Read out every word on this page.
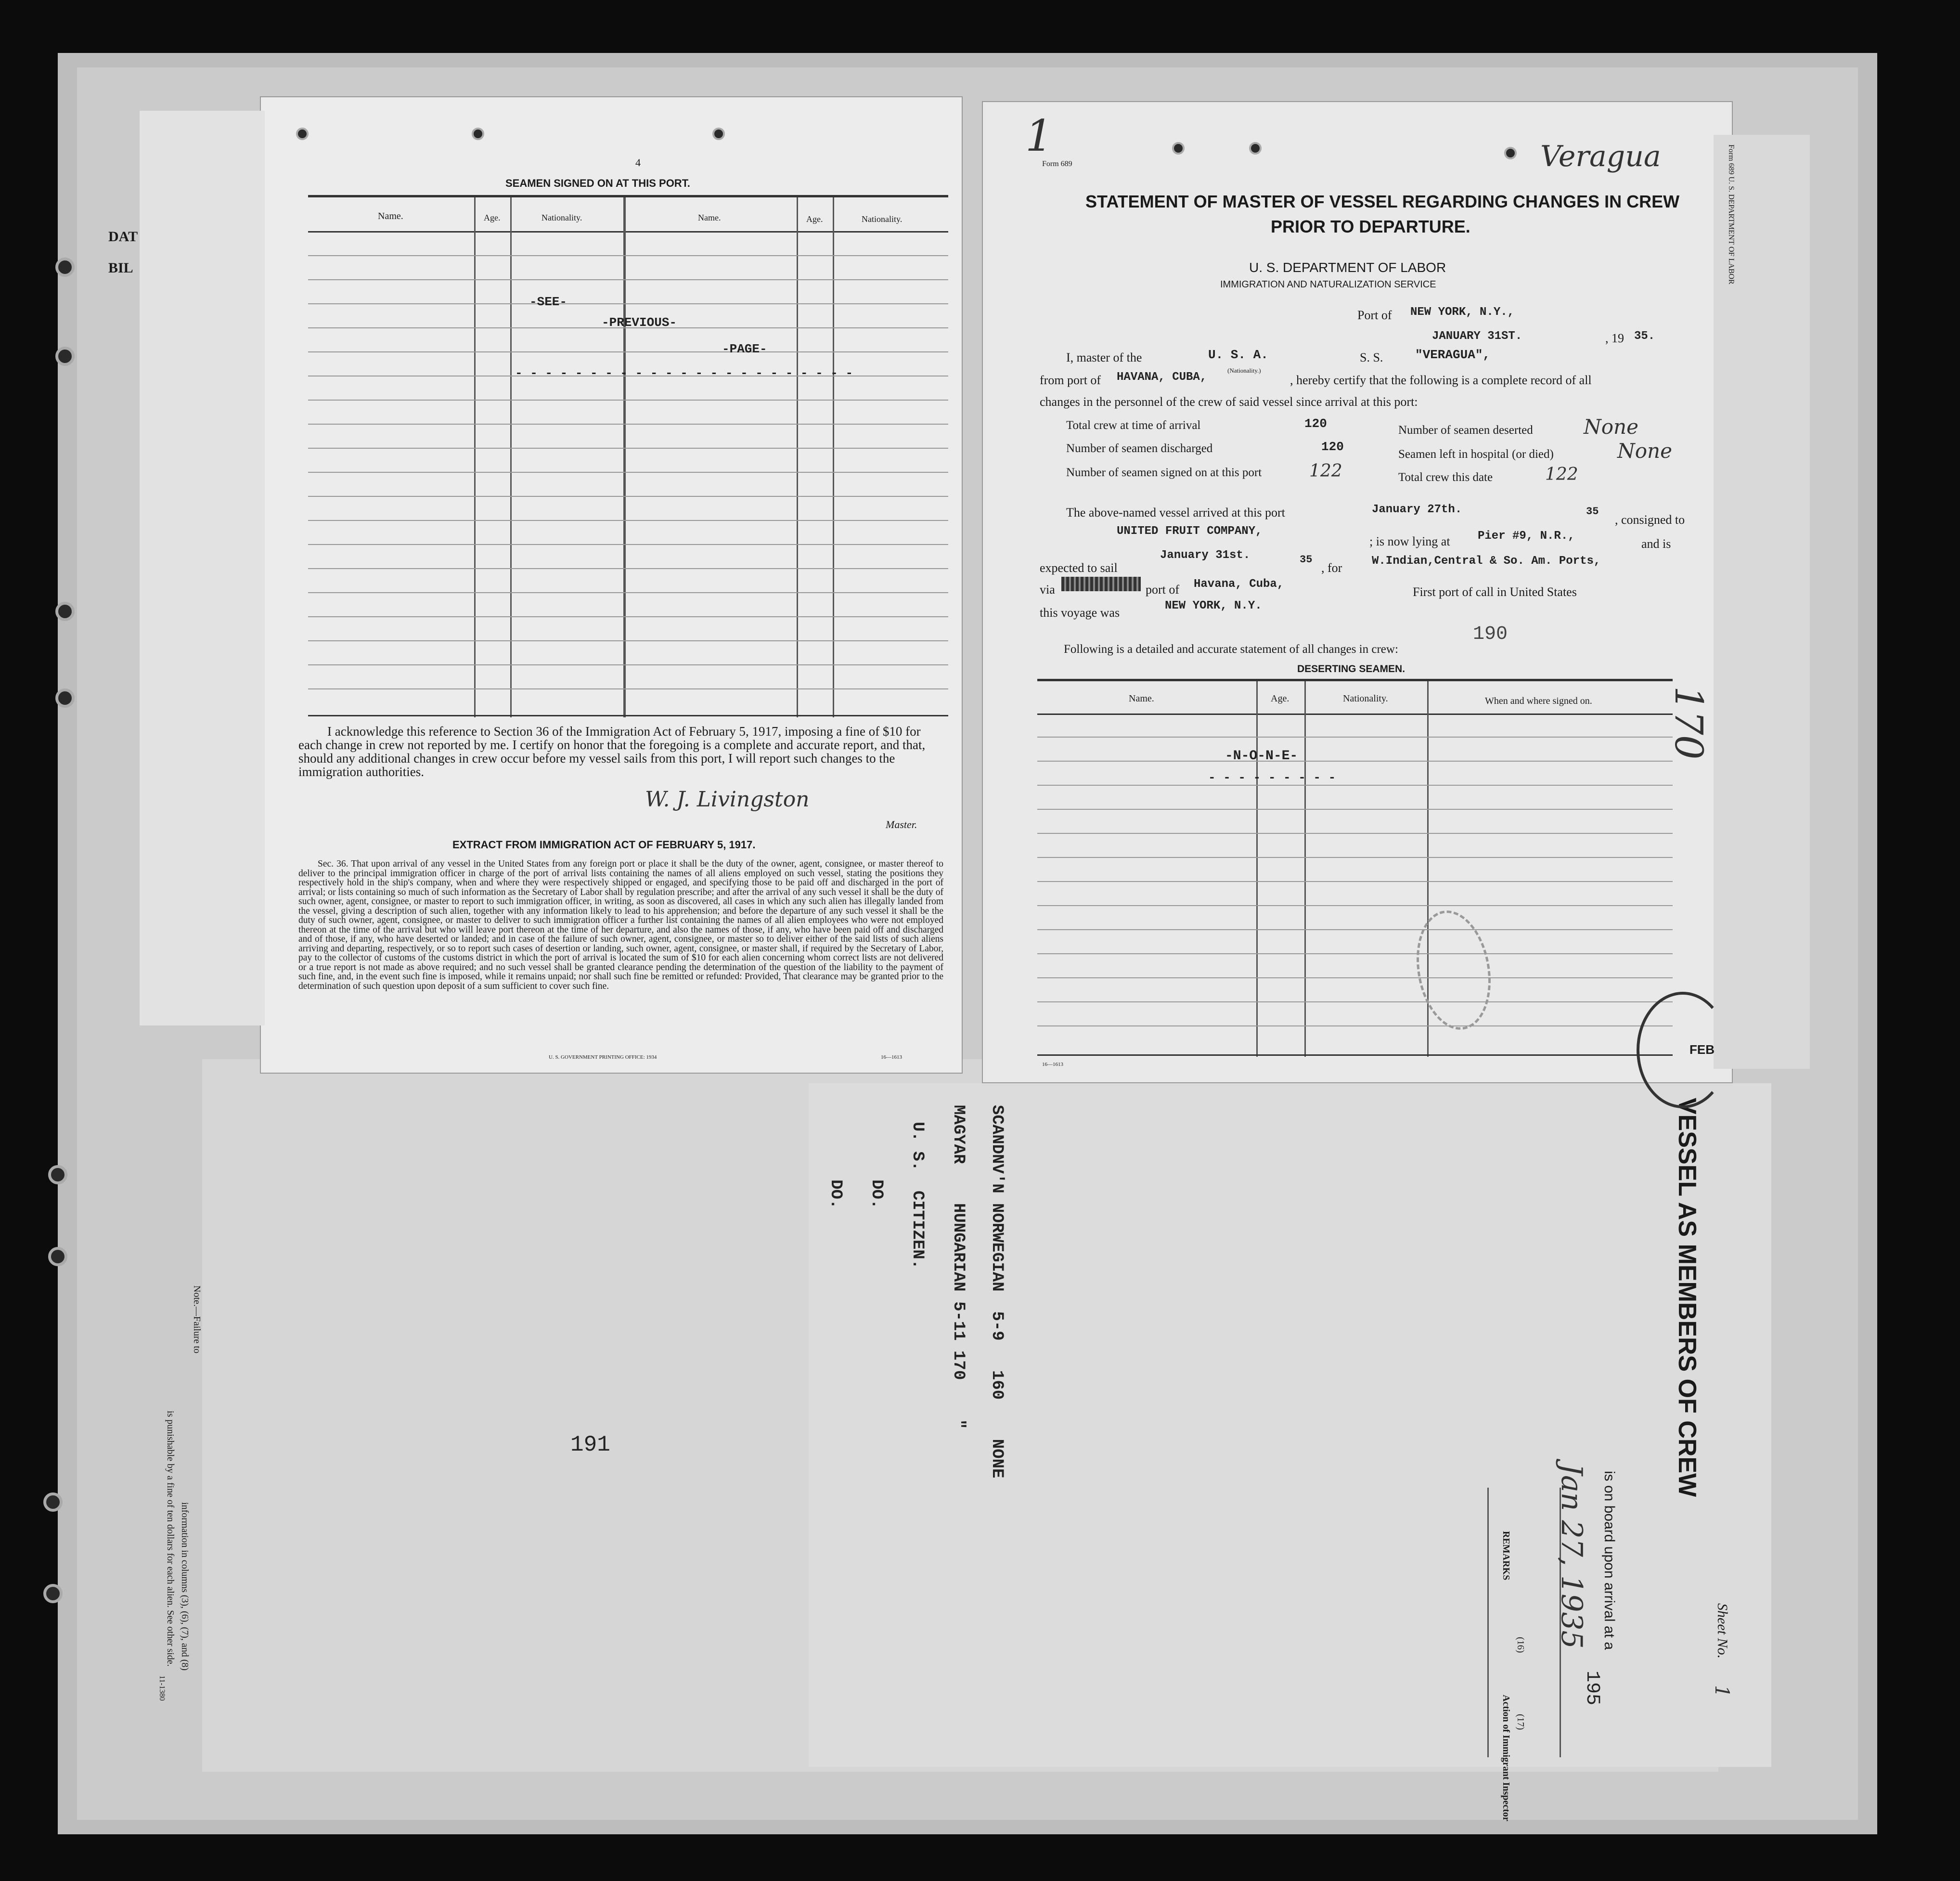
DAT
BIL
SCANDNV'N NORWEGIAN  5-9   160    NONE
MAGYAR    HUNGARIAN 5-11 170    "
U. S.  CITIZEN.
DO.
DO.
191
Note.—Failure to
information in columns (3), (6), (7), and (8)
is punishable by a fine of ten dollars for each alien. See other side.
11-1380
VESSEL AS MEMBERS OF CREW
is on board upon arrival at a	Sheet No.
1
(16)
(17)
REMARKS
Action of Immigrant Inspector
Jan 27, 1935
195
4
SEAMEN SIGNED ON AT THIS PORT.
Name.	Age.	Nationality.	Name.	Age.	Nationality.
-SEE-
-PREVIOUS-
-PAGE-
- - - - - - - - - - - - - - - - - - - - - - -
I acknowledge this reference to Section 36 of the Immigration Act of February 5, 1917, imposing a fine of $10 for each change in crew not reported by me. I certify on honor that the foregoing is a complete and accurate report, and that, should any additional changes in crew occur before my vessel sails from this port, I will report such changes to the immigration authorities.
W. J. Livingston
Master.
EXTRACT FROM IMMIGRATION ACT OF FEBRUARY 5, 1917.
Sec. 36. That upon arrival of any vessel in the United States from any foreign port or place it shall be the duty of the owner, agent, consignee, or master thereof to deliver to the principal immigration officer in charge of the port of arrival lists containing the names of all aliens employed on such vessel, stating the positions they respectively hold in the ship's company, when and where they were respectively shipped or engaged, and specifying those to be paid off and discharged in the port of arrival; or lists containing so much of such information as the Secretary of Labor shall by regulation prescribe; and after the arrival of any such vessel it shall be the duty of such owner, agent, consignee, or master to report to such immigration officer, in writing, as soon as discovered, all cases in which any such alien has illegally landed from the vessel, giving a description of such alien, together with any information likely to lead to his apprehension; and before the departure of any such vessel it shall be the duty of such owner, agent, consignee, or master to deliver to such immigration officer a further list containing the names of all alien employees who were not employed thereon at the time of the arrival but who will leave port thereon at the time of her departure, and also the names of those, if any, who have been paid off and discharged and of those, if any, who have deserted or landed; and in case of the failure of such owner, agent, consignee, or master so to deliver either of the said lists of such aliens arriving and departing, respectively, or so to report such cases of desertion or landing, such owner, agent, consignee, or master shall, if required by the Secretary of Labor, pay to the collector of customs of the customs district in which the port of arrival is located the sum of $10 for each alien concerning whom correct lists are not delivered or a true report is not made as above required; and no such vessel shall be granted clearance pending the determination of the question of the liability to the payment of such fine, and, in the event such fine is imposed, while it remains unpaid; nor shall such fine be remitted or refunded: Provided, That clearance may be granted prior to the determination of such question upon deposit of a sum sufficient to cover such fine.
U. S. GOVERNMENT PRINTING OFFICE: 1934	16—1613
1	Veragua
Form 689	Form 689 U. S. DEPARTMENT OF LABOR
STATEMENT OF MASTER OF VESSEL REGARDING CHANGES IN CREW
PRIOR TO DEPARTURE.
U. S. DEPARTMENT OF LABOR
IMMIGRATION AND NATURALIZATION SERVICE
Port of NEW YORK, N.Y.,
JANUARY 31ST.	, 19 35.
I, master of the	U. S. A.
(Nationality.)
S. S.	"VERAGUA",
from port of HAVANA, CUBA,	, hereby certify that the following is a complete record of all
changes in the personnel of the crew of said vessel since arrival at this port:
Total crew at time of arrival	120	Number of seamen deserted	None
Number of seamen discharged	120
Seamen left in hospital (or died)	None
Number of seamen signed on at this port	122	Total crew this date	122
The above-named vessel arrived at this port	January 27th.	35
, consigned to
UNITED FRUIT COMPANY,
; is now lying at Pier #9, N.R.,
and is
expected to sail
January 31st.	35
, for	W.Indian,Central & So. Am. Ports,
via	port of Havana, Cuba,
First port of call in United States
this voyage was	NEW YORK, N.Y.
190
Following is a detailed and accurate statement of all changes in crew:
DESERTING SEAMEN.
Name.	Age.	Nationality.	When and where signed on.
-N-O-N-E-
- - - - - - - - -
FEB
16—1613
170
